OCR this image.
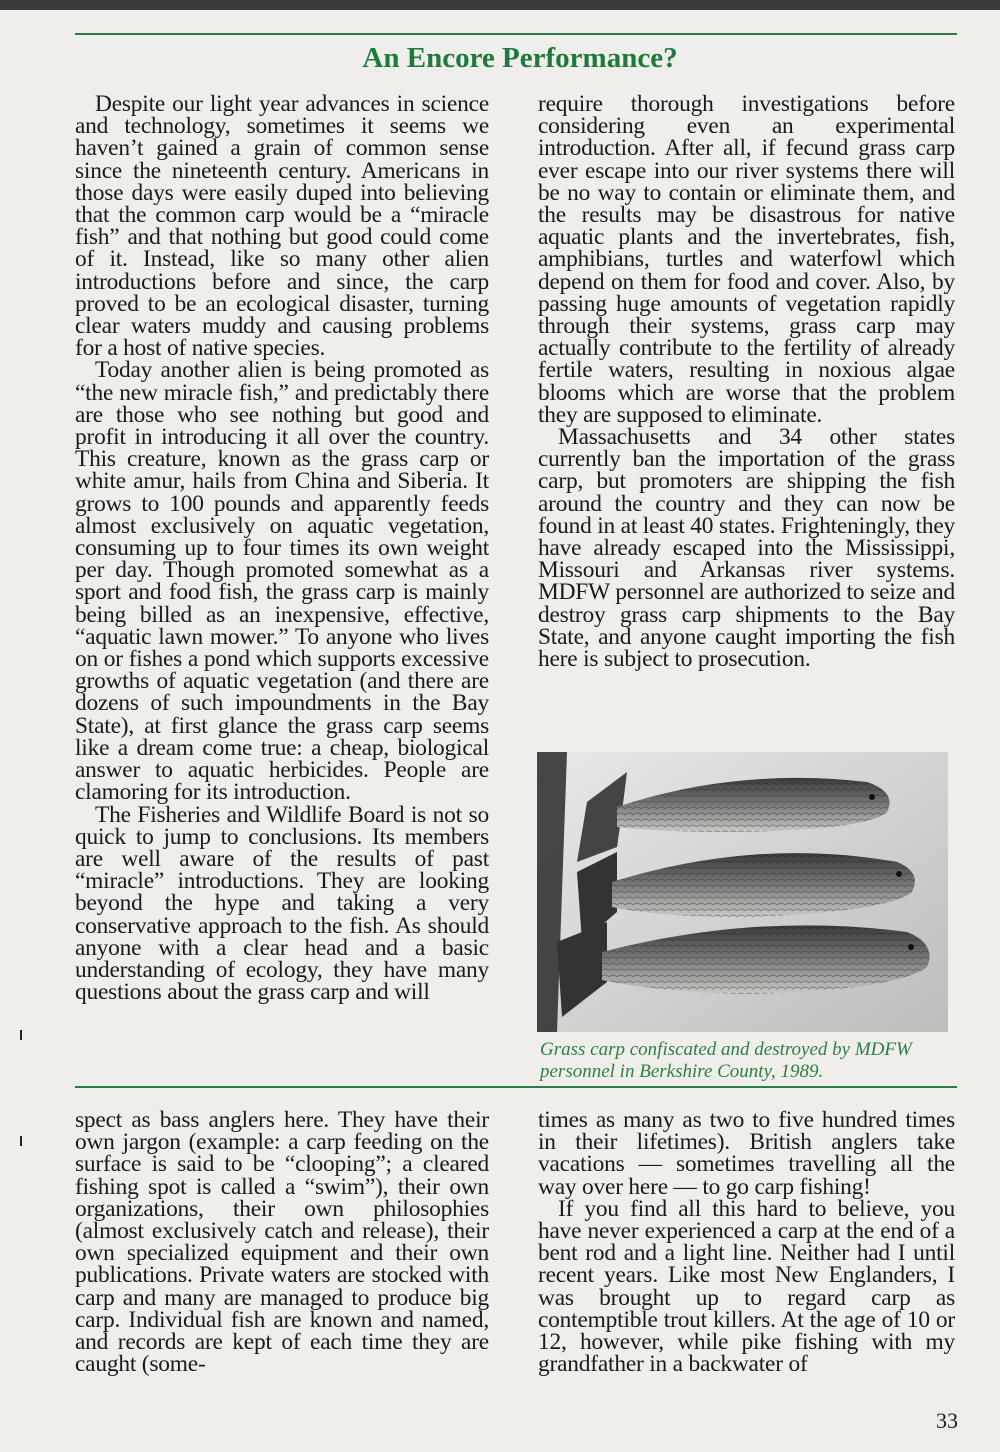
An Encore Performance?

Despite our light year advances in science and technology, sometimes it seems we haven’t gained a grain of common sense since the nineteenth century. Americans in those days were easily duped into believing that the common carp would be a “miracle fish” and that nothing but good could come of it. Instead, like so many other alien introductions before and since, the carp proved to be an ecological disaster, turning clear waters muddy and causing problems for a host of native species.

Today another alien is being promoted as “the new miracle fish,” and predictably there are those who see nothing but good and profit in introducing it all over the country. This creature, known as the grass carp or white amur, hails from China and Siberia. It grows to 100 pounds and apparently feeds almost exclusively on aquatic vegetation, consuming up to four times its own weight per day. Though promoted somewhat as a sport and food fish, the grass carp is mainly being billed as an inexpensive, effective, “aquatic lawn mower.” To anyone who lives on or fishes a pond which supports excessive growths of aquatic vegetation (and there are dozens of such impoundments in the Bay State), at first glance the grass carp seems like a dream come true: a cheap, biological answer to aquatic herbicides. People are clamoring for its introduction.

The Fisheries and Wildlife Board is not so quick to jump to conclusions. Its members are well aware of the results of past “miracle” introductions. They are looking beyond the hype and taking a very conservative approach to the fish. As should anyone with a clear head and a basic understanding of ecology, they have many questions about the grass carp and will

require thorough investigations before considering even an experimental introduction. After all, if fecund grass carp ever escape into our river systems there will be no way to contain or eliminate them, and the results may be disastrous for native aquatic plants and the invertebrates, fish, amphibians, turtles and waterfowl which depend on them for food and cover. Also, by passing huge amounts of vegetation rapidly through their systems, grass carp may actually contribute to the fertility of already fertile waters, resulting in noxious algae blooms which are worse that the problem they are supposed to eliminate.

Massachusetts and 34 other states currently ban the importation of the grass carp, but promoters are shipping the fish around the country and they can now be found in at least 40 states. Frighteningly, they have already escaped into the Mississippi, Missouri and Arkansas river systems. MDFW personnel are authorized to seize and destroy grass carp shipments to the Bay State, and anyone caught importing the fish here is subject to prosecution.

Grass carp confiscated and destroyed by MDFW personnel in Berkshire County, 1989.

spect as bass anglers here. They have their own jargon (example: a carp feeding on the surface is said to be “clooping”; a cleared fishing spot is called a “swim”), their own organizations, their own philosophies (almost exclusively catch and release), their own specialized equipment and their own publications. Private waters are stocked with carp and many are managed to produce big carp. Individual fish are known and named, and records are kept of each time they are caught (some-

times as many as two to five hundred times in their lifetimes). British anglers take vacations — sometimes travelling all the way over here — to go carp fishing!

If you find all this hard to believe, you have never experienced a carp at the end of a bent rod and a light line. Neither had I until recent years. Like most New Englanders, I was brought up to regard carp as contemptible trout killers. At the age of 10 or 12, however, while pike fishing with my grandfather in a backwater of

33
